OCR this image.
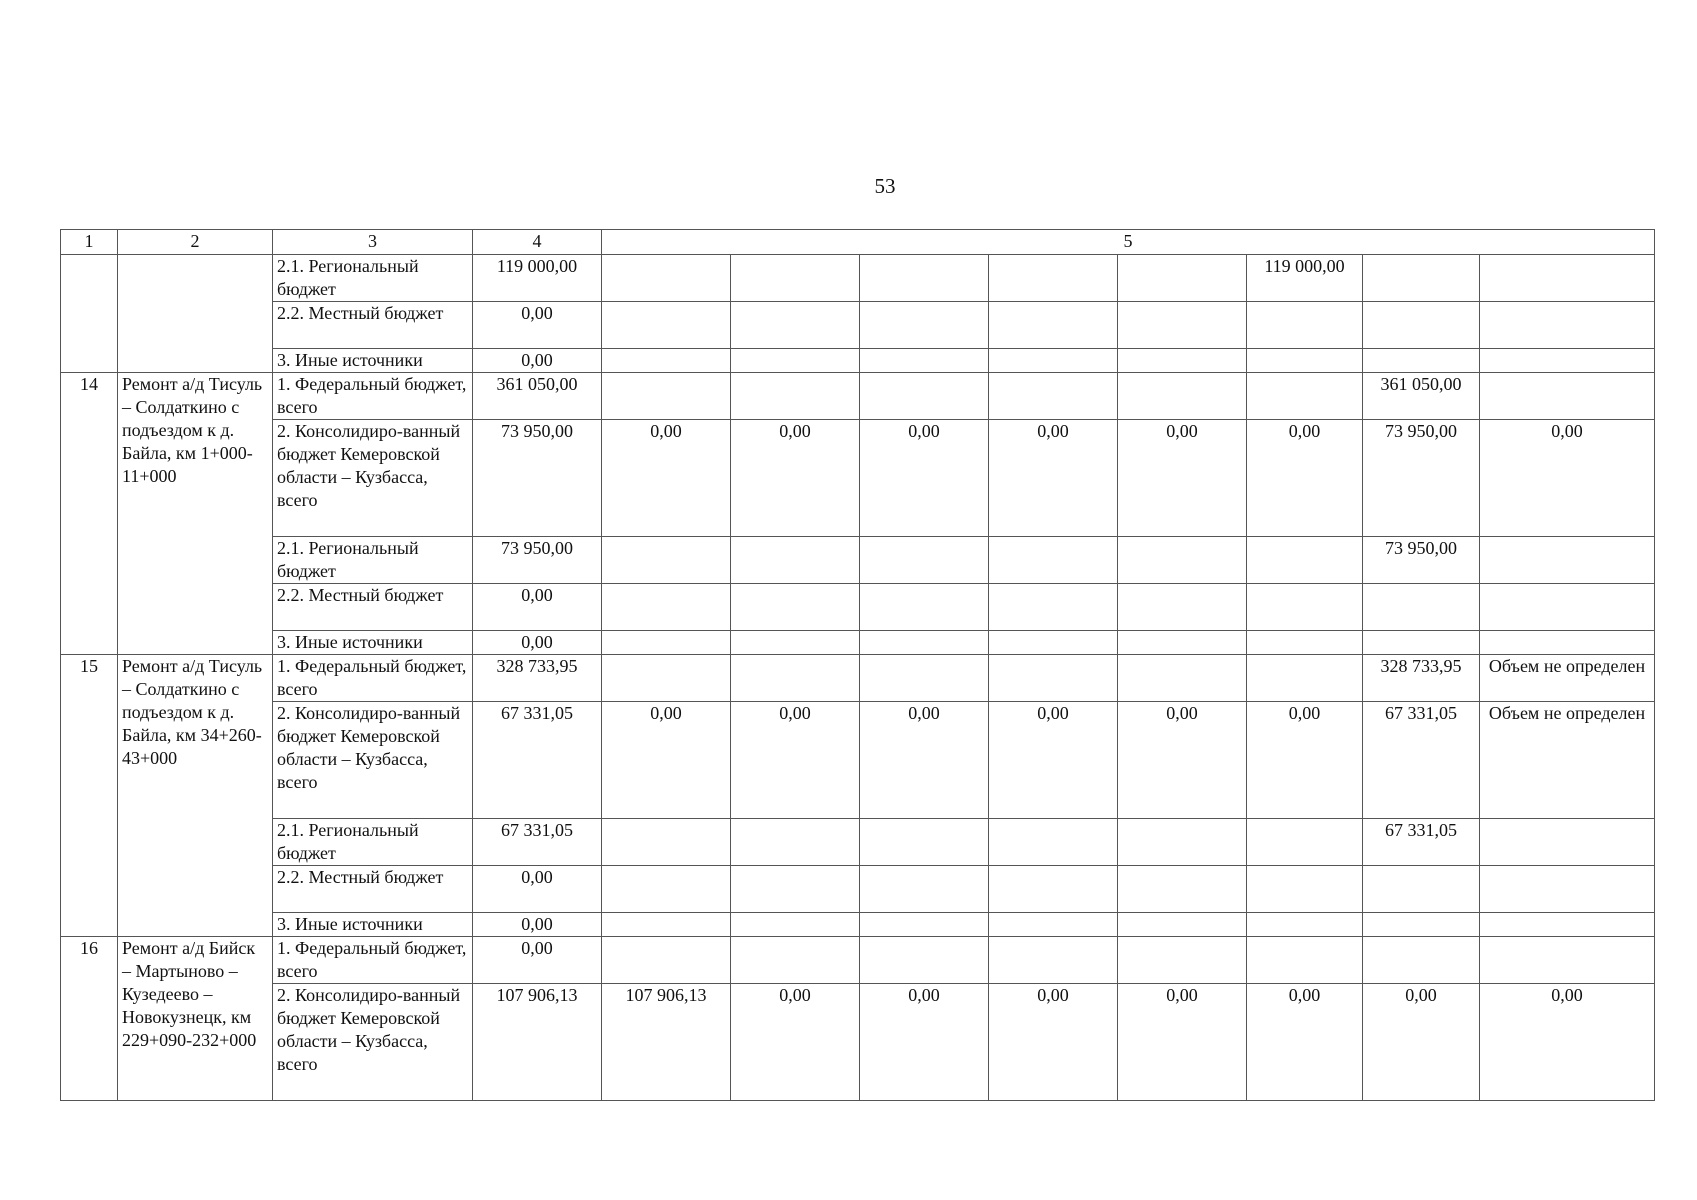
53
1	2	3	4	5							
		2.1. Региональный бюджет	119 000,00						119 000,00		
		2.2. Местный бюджет	0,00								
		3. Иные источники	0,00								
14	Ремонт а/д Тисуль – Солдаткино с подъездом к д. Байла, км 1+000-11+000	1. Федеральный бюджет, всего	361 050,00							361 050,00	
		2. Консолидиро-ванный бюджет Кемеровской области – Кузбасса, всего	73 950,00	0,00	0,00	0,00	0,00	0,00	0,00	73 950,00	0,00
		2.1. Региональный бюджет	73 950,00							73 950,00	
		2.2. Местный бюджет	0,00								
		3. Иные источники	0,00								
15	Ремонт а/д Тисуль – Солдаткино с подъездом к д. Байла, км 34+260-43+000	1. Федеральный бюджет, всего	328 733,95							328 733,95	Объем не определен
		2. Консолидиро-ванный бюджет Кемеровской области – Кузбасса, всего	67 331,05	0,00	0,00	0,00	0,00	0,00	0,00	67 331,05	Объем не определен
		2.1. Региональный бюджет	67 331,05							67 331,05	
		2.2. Местный бюджет	0,00								
		3. Иные источники	0,00								
16	Ремонт а/д Бийск – Мартыново – Кузедеево – Новокузнецк, км 229+090-232+000	1. Федеральный бюджет, всего	0,00								
		2. Консолидиро-ванный бюджет Кемеровской области – Кузбасса, всего	107 906,13	107 906,13	0,00	0,00	0,00	0,00	0,00	0,00	0,00
